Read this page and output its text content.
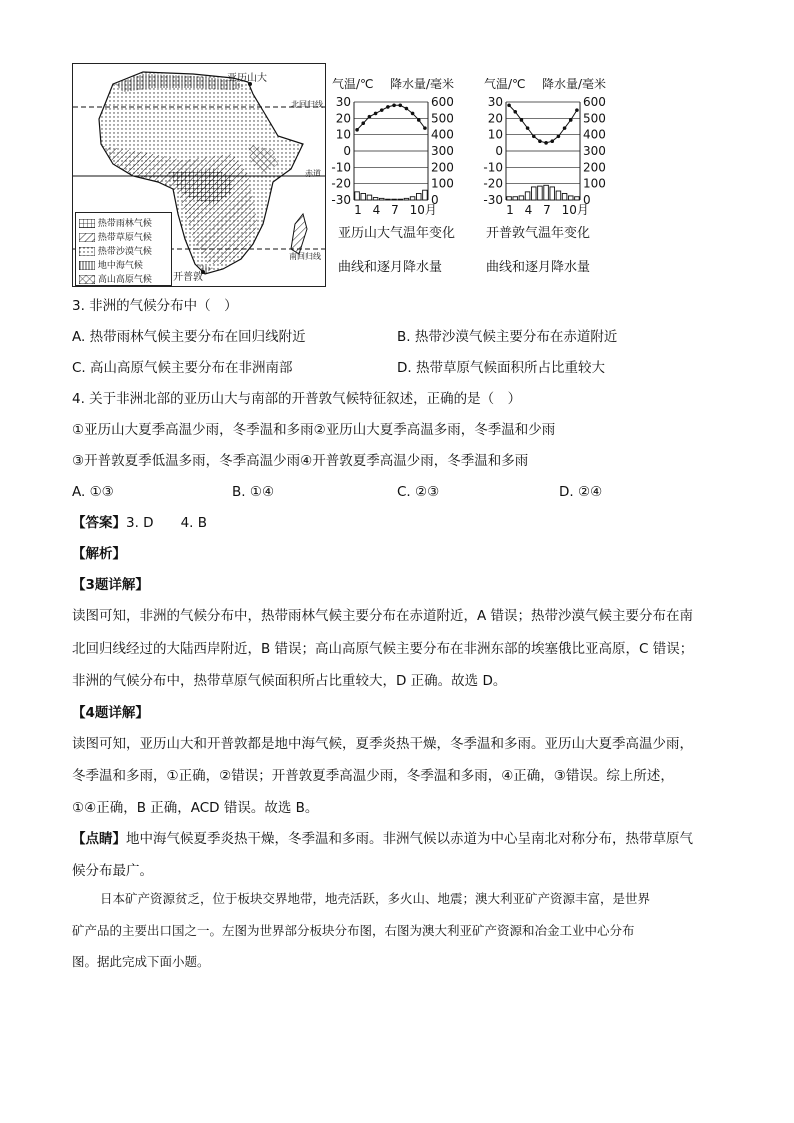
亚历山大
北回归线
赤道
南回归线
开普敦
热带雨林气候
热带草原气候
热带沙漠气候
地中海气候
高山高原气候
气温/℃ 降水量/毫米
30	600
20	500
10	400
0	300
-10	200
-20	100
-30	0
1 4 7 10月
气温/℃ 降水量/毫米
30	600
20	500
10	400
0	300
-10	200
-20	100
-30	0
1 4 7 10月
亚历山大气温年变化
曲线和逐月降水量
开普敦气温年变化
曲线和逐月降水量
3. 非洲的气候分布中（　）
A. 热带雨林气候主要分布在回归线附近	B. 热带沙漠气候主要分布在赤道附近
C. 高山高原气候主要分布在非洲南部	D. 热带草原气候面积所占比重较大
4. 关于非洲北部的亚历山大与南部的开普敦气候特征叙述，正确的是（　）
①亚历山大夏季高温少雨，冬季温和多雨②亚历山大夏季高温多雨，冬季温和少雨
③开普敦夏季低温多雨，冬季高温少雨④开普敦夏季高温少雨，冬季温和多雨
A. ①③	B. ①④	C. ②③	D. ②④
【答案】3. D　　4. B
【解析】
【3题详解】
读图可知，非洲的气候分布中，热带雨林气候主要分布在赤道附近，A 错误；热带沙漠气候主要分布在南
北回归线经过的大陆西岸附近，B 错误；高山高原气候主要分布在非洲东部的埃塞俄比亚高原，C 错误；
非洲的气候分布中，热带草原气候面积所占比重较大，D 正确。故选 D。
【4题详解】
读图可知，亚历山大和开普敦都是地中海气候，夏季炎热干燥，冬季温和多雨。亚历山大夏季高温少雨，
冬季温和多雨，①正确，②错误；开普敦夏季高温少雨，冬季温和多雨，④正确，③错误。综上所述，
①④正确，B 正确，ACD 错误。故选 B。
【点睛】地中海气候夏季炎热干燥，冬季温和多雨。非洲气候以赤道为中心呈南北对称分布，热带草原气
候分布最广。
日本矿产资源贫乏，位于板块交界地带，地壳活跃，多火山、地震；澳大利亚矿产资源丰富，是世界
矿产品的主要出口国之一。左图为世界部分板块分布图，右图为澳大利亚矿产资源和冶金工业中心分布
图。据此完成下面小题。
